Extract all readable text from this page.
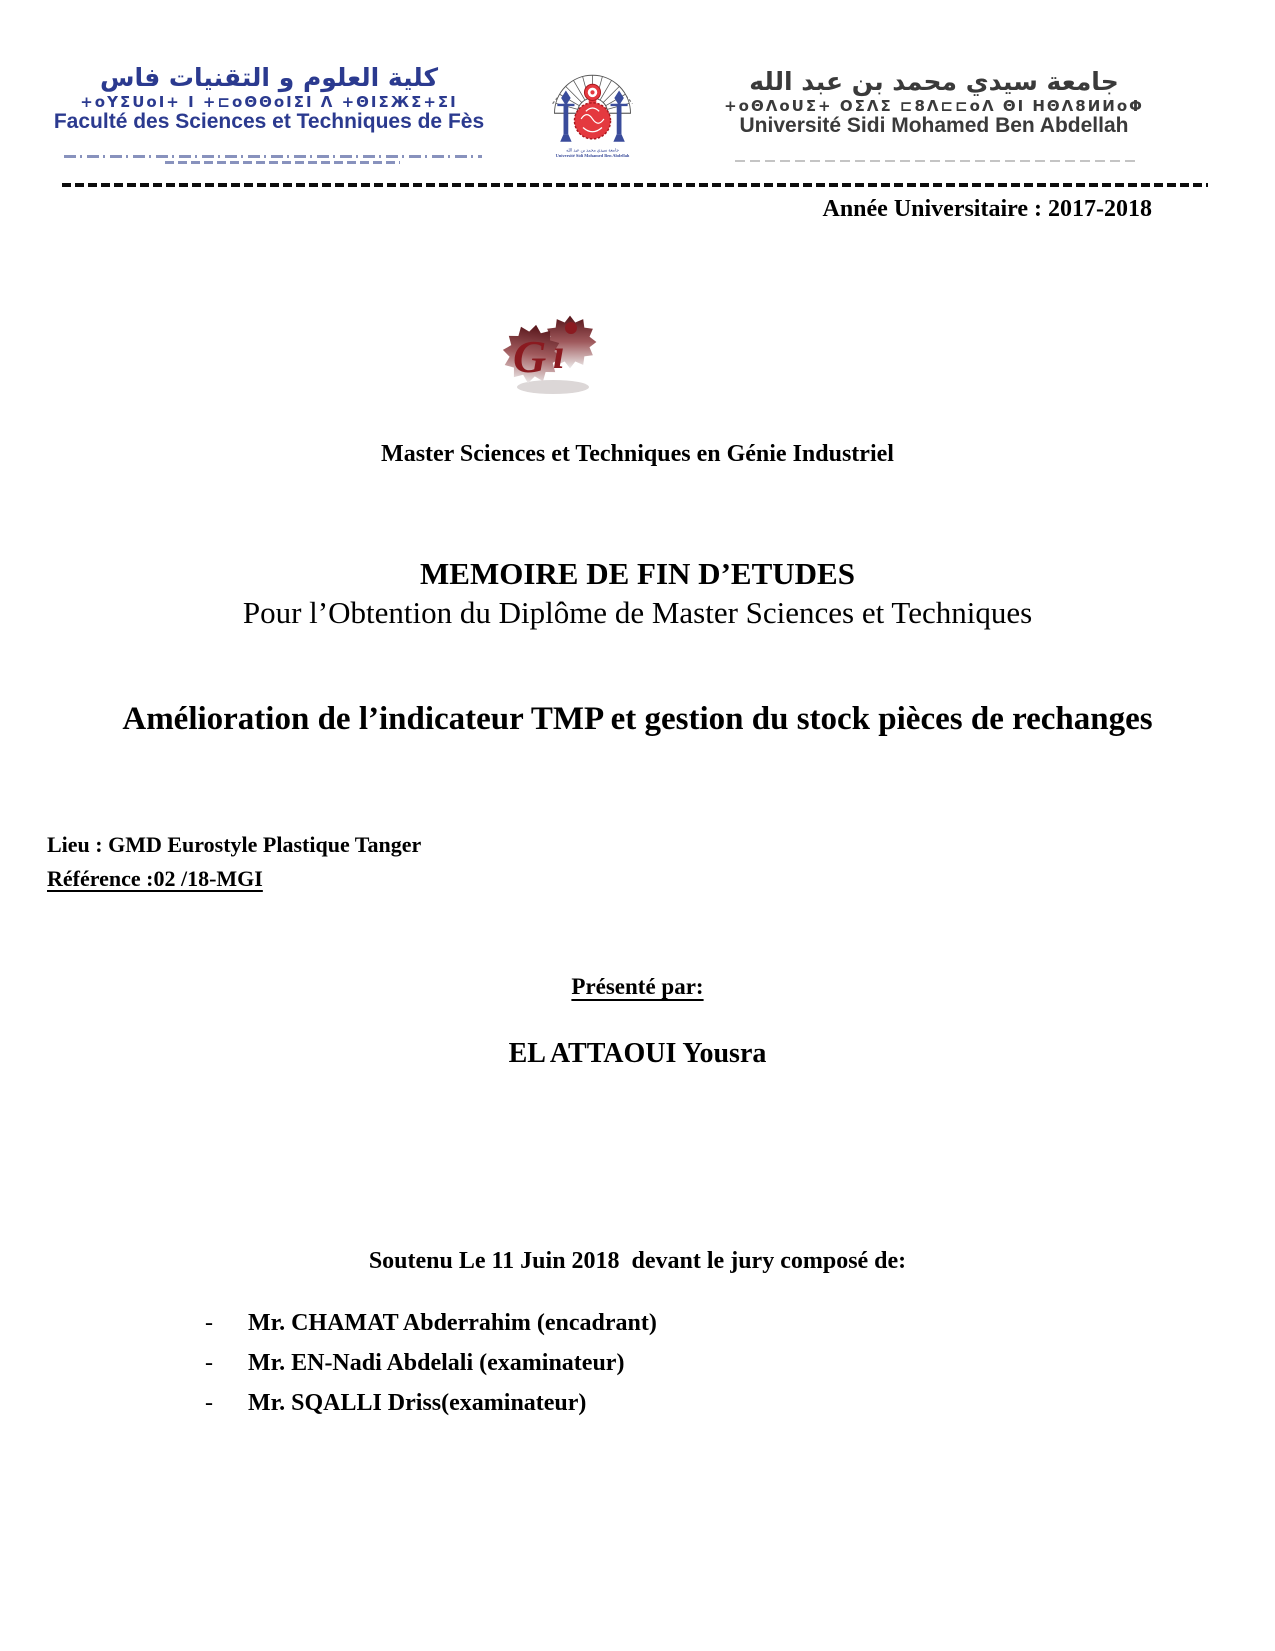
كلية العلوم و التقنيات فاس
+oYΣUoI+ I +⊏oΘΘoIΣI Λ +ΘIΣЖΣ+ΣI
Faculté des Sciences et Techniques de Fès
جامعة سيدي محمد بن عبد الله
Université Sidi Mohamed Ben Abdellah
جامعة سيدي محمد بن عبد الله
+oΘΛoUΣ+ ΟΣΛΣ ⊏8Λ⊏⊏oΛ ΘI ΗΘΛ8ИИoΦ
Université Sidi Mohamed Ben Abdellah
Année Universitaire : 2017-2018
G ı
Master Sciences et Techniques en Génie Industriel
MEMOIRE DE FIN D’ETUDES
Pour l’Obtention du Diplôme de Master Sciences et Techniques
Amélioration de l’indicateur TMP et gestion du stock pièces de rechanges
Lieu : GMD Eurostyle Plastique Tanger
Référence :02 /18-MGI
Présenté par:
EL ATTAOUI Yousra
Soutenu Le 11 Juin 2018  devant le jury composé de:
-	Mr. CHAMAT Abderrahim (encadrant)
-	Mr. EN-Nadi Abdelali (examinateur)
-	Mr. SQALLI Driss(examinateur)
